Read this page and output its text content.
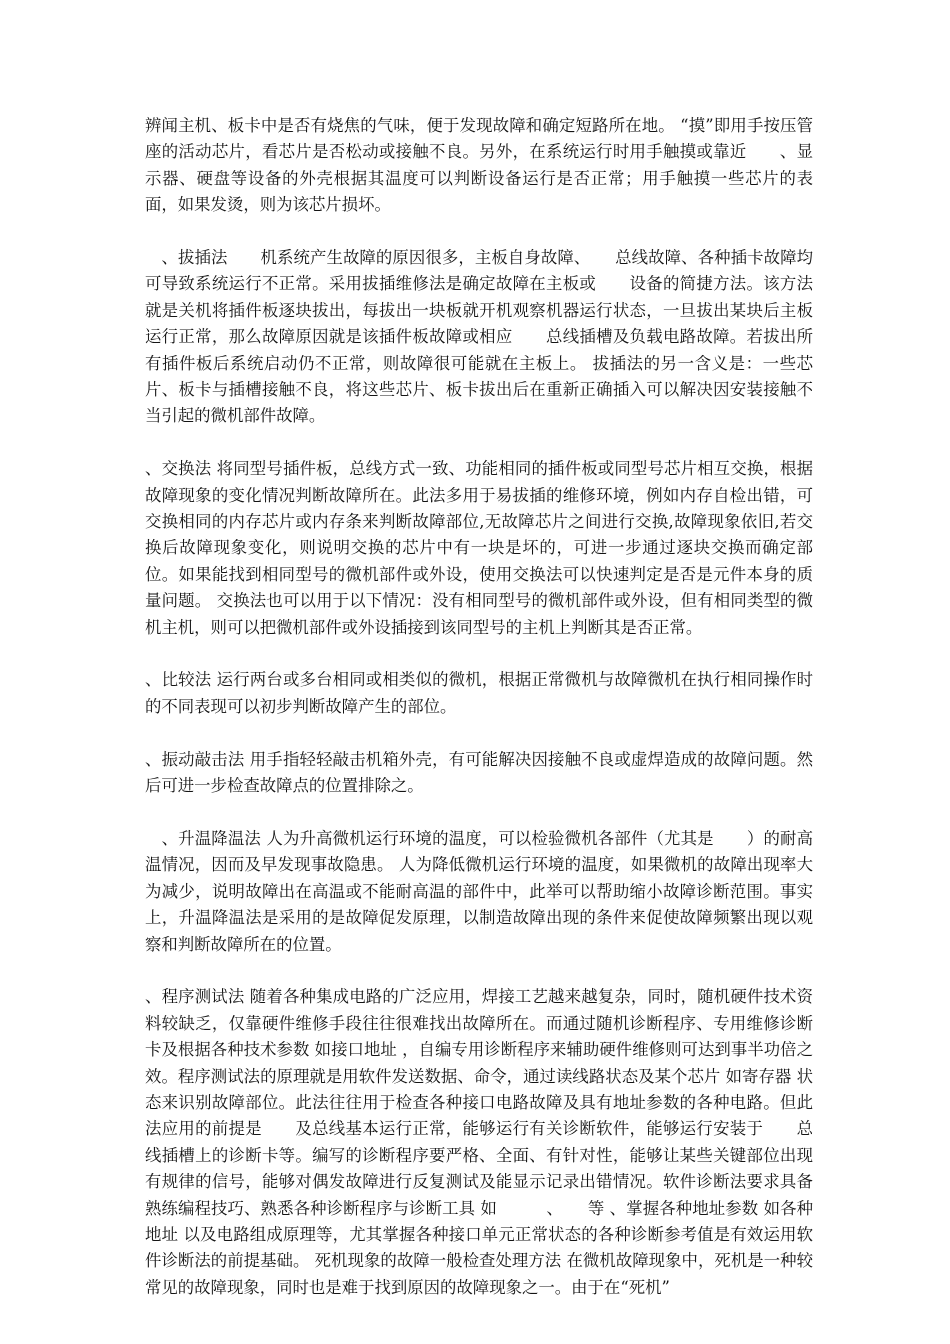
辨闻主机、板卡中是否有烧焦的气味，便于发现故障和确定短路所在地。 “摸”即用手按压管座的活动芯片，看芯片是否松动或接触不良。另外，在系统运行时用手触摸或靠近　　、显示器、硬盘等设备的外壳根据其温度可以判断设备运行是否正常；用手触摸一些芯片的表面，如果发烫，则为该芯片损坏。

　、拔插法　　机系统产生故障的原因很多，主板自身故障、　　总线故障、各种插卡故障均可导致系统运行不正常。采用拔插维修法是确定故障在主板或　　设备的简捷方法。该方法就是关机将插件板逐块拔出，每拔出一块板就开机观察机器运行状态，一旦拔出某块后主板运行正常，那么故障原因就是该插件板故障或相应　　总线插槽及负载电路故障。若拔出所有插件板后系统启动仍不正常，则故障很可能就在主板上。 拔插法的另一含义是：一些芯片、板卡与插槽接触不良，将这些芯片、板卡拔出后在重新正确插入可以解决因安装接触不当引起的微机部件故障。

、交换法 将同型号插件板，总线方式一致、功能相同的插件板或同型号芯片相互交换，根据故障现象的变化情况判断故障所在。此法多用于易拔插的维修环境，例如内存自检出错，可交换相同的内存芯片或内存条来判断故障部位,无故障芯片之间进行交换,故障现象依旧,若交换后故障现象变化，则说明交换的芯片中有一块是坏的，可进一步通过逐块交换而确定部位。如果能找到相同型号的微机部件或外设，使用交换法可以快速判定是否是元件本身的质量问题。 交换法也可以用于以下情况：没有相同型号的微机部件或外设，但有相同类型的微机主机，则可以把微机部件或外设插接到该同型号的主机上判断其是否正常。

、比较法 运行两台或多台相同或相类似的微机，根据正常微机与故障微机在执行相同操作时的不同表现可以初步判断故障产生的部位。

、振动敲击法 用手指轻轻敲击机箱外壳，有可能解决因接触不良或虚焊造成的故障问题。然后可进一步检查故障点的位置排除之。

　、升温降温法 人为升高微机运行环境的温度，可以检验微机各部件（尤其是　　）的耐高温情况，因而及早发现事故隐患。 人为降低微机运行环境的温度，如果微机的故障出现率大为减少，说明故障出在高温或不能耐高温的部件中，此举可以帮助缩小故障诊断范围。事实上，升温降温法是采用的是故障促发原理，以制造故障出现的条件来促使故障频繁出现以观察和判断故障所在的位置。

、程序测试法 随着各种集成电路的广泛应用，焊接工艺越来越复杂，同时，随机硬件技术资料较缺乏，仅靠硬件维修手段往往很难找出故障所在。而通过随机诊断程序、专用维修诊断卡及根据各种技术参数 如接口地址 ，自编专用诊断程序来辅助硬件维修则可达到事半功倍之效。程序测试法的原理就是用软件发送数据、命令，通过读线路状态及某个芯片 如寄存器 状态来识别故障部位。此法往往用于检查各种接口电路故障及具有地址参数的各种电路。但此法应用的前提是　　及总线基本运行正常，能够运行有关诊断软件，能够运行安装于　　总线插槽上的诊断卡等。编写的诊断程序要严格、全面、有针对性，能够让某些关键部位出现有规律的信号，能够对偶发故障进行反复测试及能显示记录出错情况。软件诊断法要求具备熟练编程技巧、熟悉各种诊断程序与诊断工具 如　　　、　　等 、掌握各种地址参数 如各种　　地址 以及电路组成原理等，尤其掌握各种接口单元正常状态的各种诊断参考值是有效运用软件诊断法的前提基础。 死机现象的故障一般检查处理方法 在微机故障现象中，死机是一种较常见的故障现象，同时也是难于找到原因的故障现象之一。由于在“死机”
